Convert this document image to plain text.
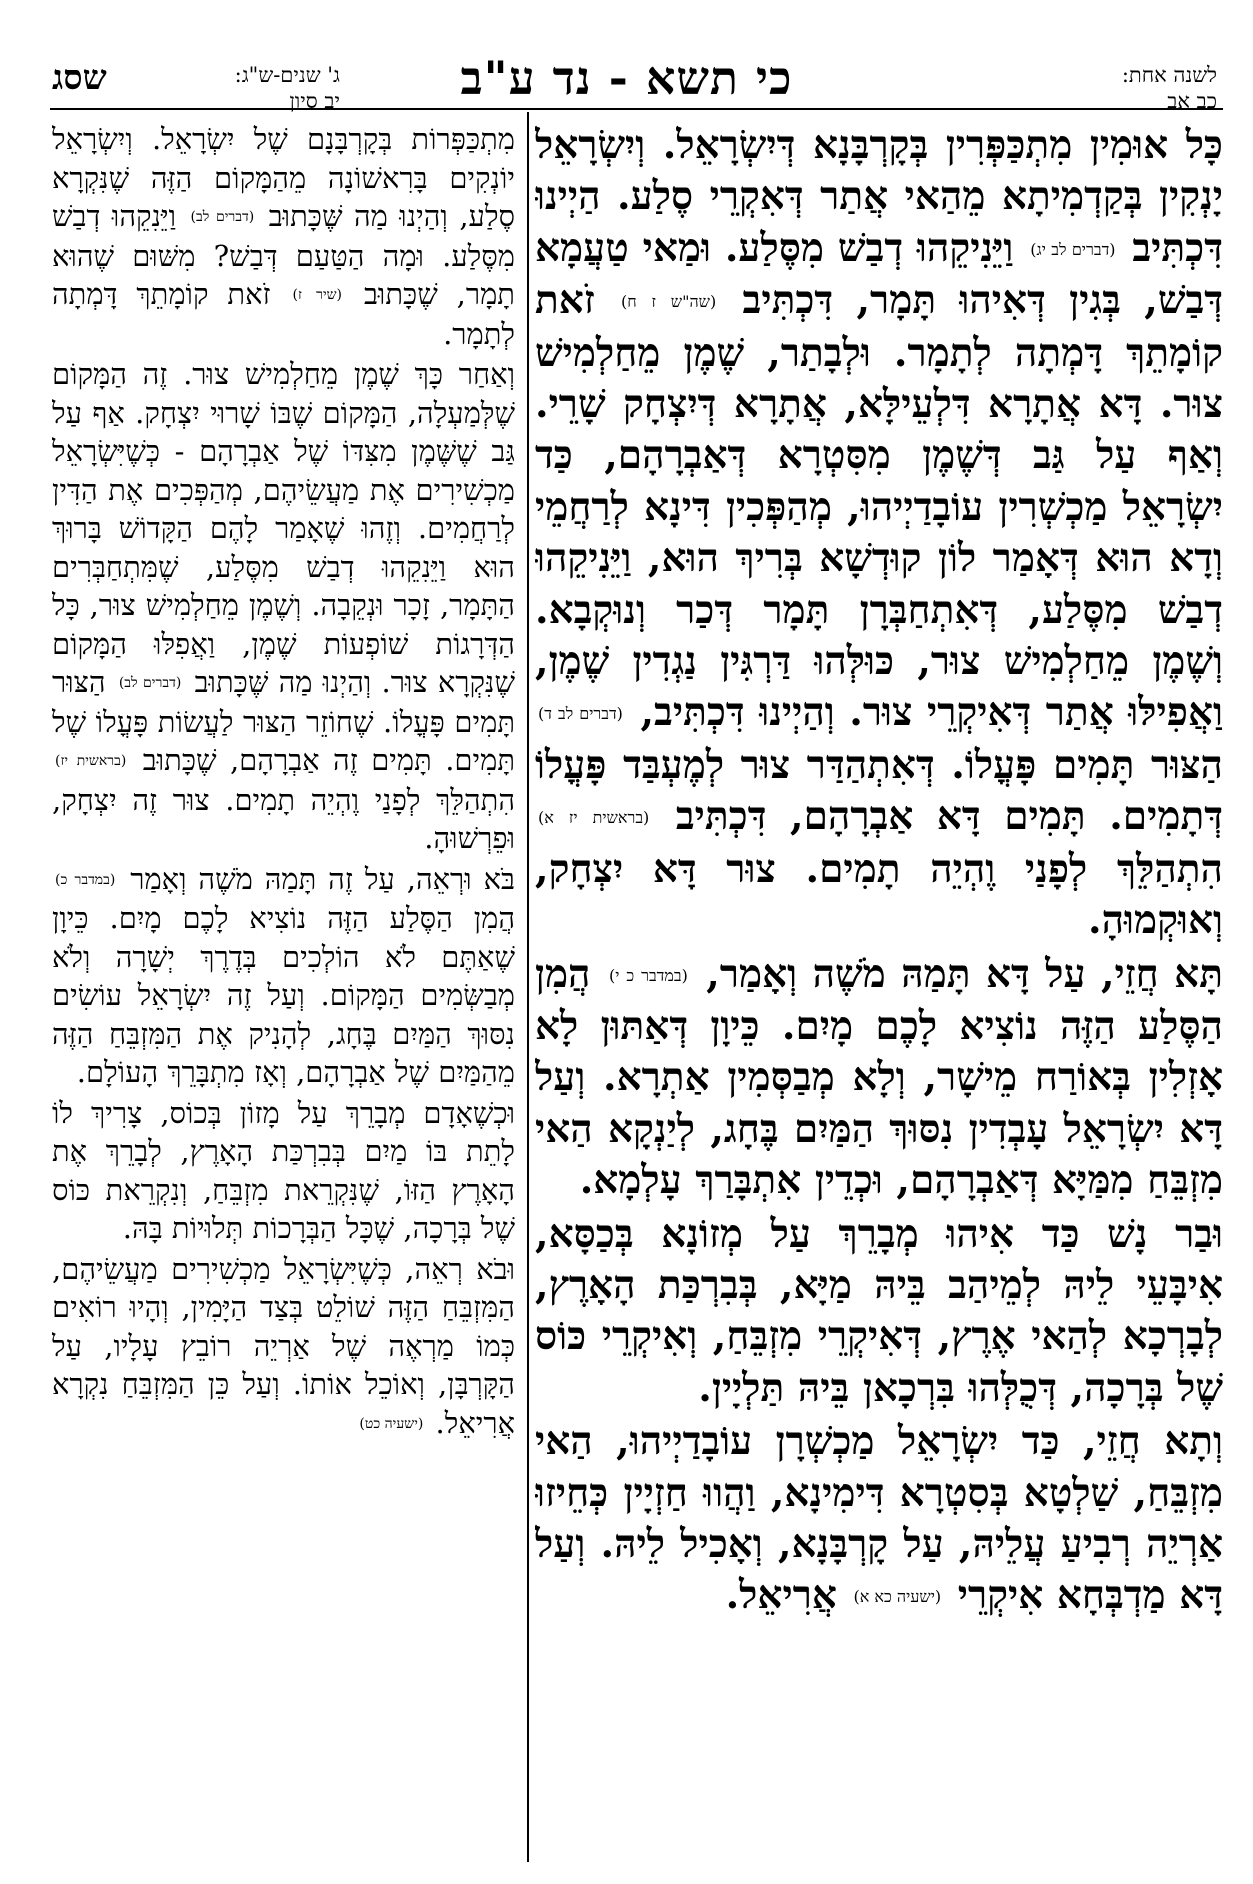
לשנה אחת:
כב אב
כי תשא - נד ע"ב
ג' שנים-ש"ג:
יב סיון
שסג

כָּל אוּמִין מִתְכַּפְּרִין בְּקָרְבָּנָא דְּיִשְׂרָאֵל. וְיִשְׂרָאֵל יָנְקִין בְּקַדְמִיתָא מֵהַאי אֲתַר דְּאִקְרֵי סֶלַע. הַיְינוּ דִּכְתִּיב (דברים לב יג) וַיֵּנִיקֵהוּ דְבַשׁ מִסֶּלַע. וּמַאי טַעֲמָא דְּבַשׁ, בְּגִין דְּאִיהוּ תָּמָר, דִּכְתִּיב (שה"ש ז ח) זֹאת קוֹמָתֵךְ דָּמְתָה לְתָמָר. וּלְבָתַר, שֶׁמֶן מֵחַלְמִישׁ צוּר. דָּא אֲתָרָא דִּלְעֵילָּא, אֲתָרָא דְּיִצְחָק שָׁרֵי. וְאַף עַל גַּב דְּשֶׁמֶן מִסִּטְרָא דְּאַבְרָהָם, כַּד יִשְׂרָאֵל מַכְשְׁרִין עוֹבָדַיְיהוּ, מְהַפְּכִין דִּינָא לְרַחֲמֵי וְדָא הוּא דְּאָמַר לוֹן קוּדְשָׁא בְּרִיךְ הוּא, וַיֵּנִיקֵהוּ דְבַשׁ מִסֶּלַע, דְּאִתְחַבְּרָן תָּמָר דְּכַר וְנוּקְבָא. וְשֶׁמֶן מֵחַלְמִישׁ צוּר, כּוּלְּהוּ דַּרְגִּין נַגְדִין שֶׁמֶן, וַאֲפִילּוּ אֲתַר דְּאִיקְרֵי צוּר. וְהַיְינוּ דִּכְתִּיב, (דברים לב ד) הַצּוּר תָּמִים פָּעֳלוֹ. דְּאִתְהַדַּר צוּר לְמֶעְבַּד פָּעֳלוֹ דְּתָמִים. תָּמִים דָּא אַבְרָהָם, דִּכְתִּיב (בראשית יז א) הִתְהַלֵּךְ לְפָנַי וֶהְיֵה תָמִים. צוּר דָּא יִצְחָק, וְאוּקְמוּהָ.

תָּא חֲזֵי, עַל דָּא תָּמַהּ מֹשֶׁה וְאָמַר, (במדבר כ י) הֲמִן הַסֶּלַע הַזֶּה נוֹצִיא לָכֶם מָיִם. כֵּיוָן דְּאַתּוּן לָא אָזְלִין בְּאוֹרַח מֵישָׁר, וְלָא מְבַסְּמִין אַתְרָא. וְעַל דָּא יִשְׂרָאֵל עָבְדִין נִסּוּךְ הַמַּיִם בֶּחָג, לְיַנְקָא הַאי מִזְבֵּחַ מִמַּיָּא דְּאַבְרָהָם, וּכְדֵין אִתְבָּרַךְ עָלְמָא.

וּבַר נָשׁ כַּד אִיהוּ מְבָרֵךְ עַל מְזוֹנָא בְּכַסָּא, אִיבָּעֵי לֵיהּ לְמֵיהַב בֵּיהּ מַיָּא, בְּבִרְכַּת הָאָרֶץ, לְבָרְכָא לְהַאי אֶרֶץ, דְּאִיקְרֵי מִזְבֵּחַ, וְאִיקְרֵי כּוֹס שֶׁל בְּרָכָה, דְּכֻלְּהוּ בִּרְכָאן בֵּיהּ תַּלְיָין.

וְתָא חֲזֵי, כַּד יִשְׂרָאֵל מַכְשְׁרָן עוֹבָדַיְיהוּ, הַאי מִזְבֵּחַ, שַׁלְטָא בְּסִטְרָא דִּימִינָא, וַהֲווּ חַזְיָין כְּחֵיזוּ אַרְיֵה רְבִיעַ עֲלֵיהּ, עַל קָרְבָּנָא, וְאָכִיל לֵיהּ. וְעַל דָּא מַדְבְּחָא אִיקְרֵי (ישעיה כא א) אֲרִיאֵל.

מִתְכַּפְּרוֹת בְּקָרְבָּנָם שֶׁל יִשְׂרָאֵל. וְיִשְׂרָאֵל יוֹנְקִים בָּרִאשׁוֹנָה מֵהַמָּקוֹם הַזֶּה שֶׁנִּקְרָא סֶלַע, וְהַיְנוּ מַה שֶּׁכָּתוּב (דברים לב) וַיֵּנִקֵהוּ דְבַשׁ מִסֶּלַע. וּמָה הַטַּעַם דְּבַשׁ? מִשּׁוּם שֶׁהוּא תָמָר, שֶׁכָּתוּב (שיר ז) זֹאת קוֹמָתֵךְ דָּמְתָה לְתָמָר.

וְאַחַר כָּךְ שֶׁמֶן מֵחַלְמִישׁ צוּר. זֶה הַמָּקוֹם שֶׁלְּמַעְלָה, הַמָּקוֹם שֶׁבּוֹ שָׁרוּי יִצְחָק. אַף עַל גַּב שֶׁשֶּׁמֶן מִצִּדּוֹ שֶׁל אַבְרָהָם - כְּשֶׁיִּשְׂרָאֵל מַכְשִׁירִים אֶת מַעֲשֵׂיהֶם, מְהַפְּכִים אֶת הַדִּין לְרַחֲמִים. וְזֶהוּ שֶׁאָמַר לָהֶם הַקָּדוֹשׁ בָּרוּךְ הוּא וַיֵּנִקֵהוּ דְבַשׁ מִסֶּלַע, שֶׁמִּתְחַבְּרִים הַתָּמָר, זָכָר וּנְקֵבָה. וְשֶׁמֶן מֵחַלְמִישׁ צוּר, כָּל הַדְּרָגוֹת שׁוֹפְעוֹת שֶׁמֶן, וַאֲפִלּוּ הַמָּקוֹם שֶׁנִּקְרָא צוּר. וְהַיְנוּ מַה שֶּׁכָּתוּב (דברים לב) הַצּוּר תָּמִים פָּעֳלוֹ. שֶׁחוֹזֵר הַצּוּר לַעֲשׂוֹת פָּעֳלוֹ שֶׁל תָּמִים. תָּמִים זֶה אַבְרָהָם, שֶׁכָּתוּב (בראשית יז) הִתְהַלֵּךְ לְפָנַי וֶהְיֵה תָמִים. צוּר זֶה יִצְחָק, וּפֵרְשׁוּהָ.

בֹּא וּרְאֵה, עַל זֶה תָּמַהּ מֹשֶׁה וְאָמַר (במדבר כ) הֲמִן הַסֶּלַע הַזֶּה נוֹצִיא לָכֶם מָיִם. כֵּיוָן שֶׁאַתֶּם לֹא הוֹלְכִים בְּדֶרֶךְ יְשָׁרָה וְלֹא מְבַשְּׂמִים הַמָּקוֹם. וְעַל זֶה יִשְׂרָאֵל עוֹשִׂים נִסּוּךְ הַמַּיִם בֶּחָג, לְהָנִיק אֶת הַמִּזְבֵּחַ הַזֶּה מֵהַמַּיִם שֶׁל אַבְרָהָם, וְאָז מִתְבָּרֵךְ הָעוֹלָם.

וּכְשֶׁאָדָם מְבָרֵךְ עַל מָזוֹן בְּכוֹס, צָרִיךְ לוֹ לָתֵת בּוֹ מַיִם בְּבִרְכַּת הָאָרֶץ, לְבָרֵךְ אֶת הָאָרֶץ הַזּוֹ, שֶׁנִּקְרֵאת מִזְבֵּחַ, וְנִקְרֵאת כּוֹס שֶׁל בְּרָכָה, שֶׁכָּל הַבְּרָכוֹת תְּלוּיוֹת בָּהּ.

וּבֹא רְאֵה, כְּשֶׁיִּשְׂרָאֵל מַכְשִׁירִים מַעֲשֵׂיהֶם, הַמִּזְבֵּחַ הַזֶּה שׁוֹלֵט בְּצַד הַיָּמִין, וְהָיוּ רוֹאִים כְּמוֹ מַרְאֶה שֶׁל אַרְיֵה רוֹבֵץ עָלָיו, עַל הַקָּרְבָּן, וְאוֹכֵל אוֹתוֹ. וְעַל כֵּן הַמִּזְבֵּחַ נִקְרָא אֲרִיאֵל. (ישעיה כט)
